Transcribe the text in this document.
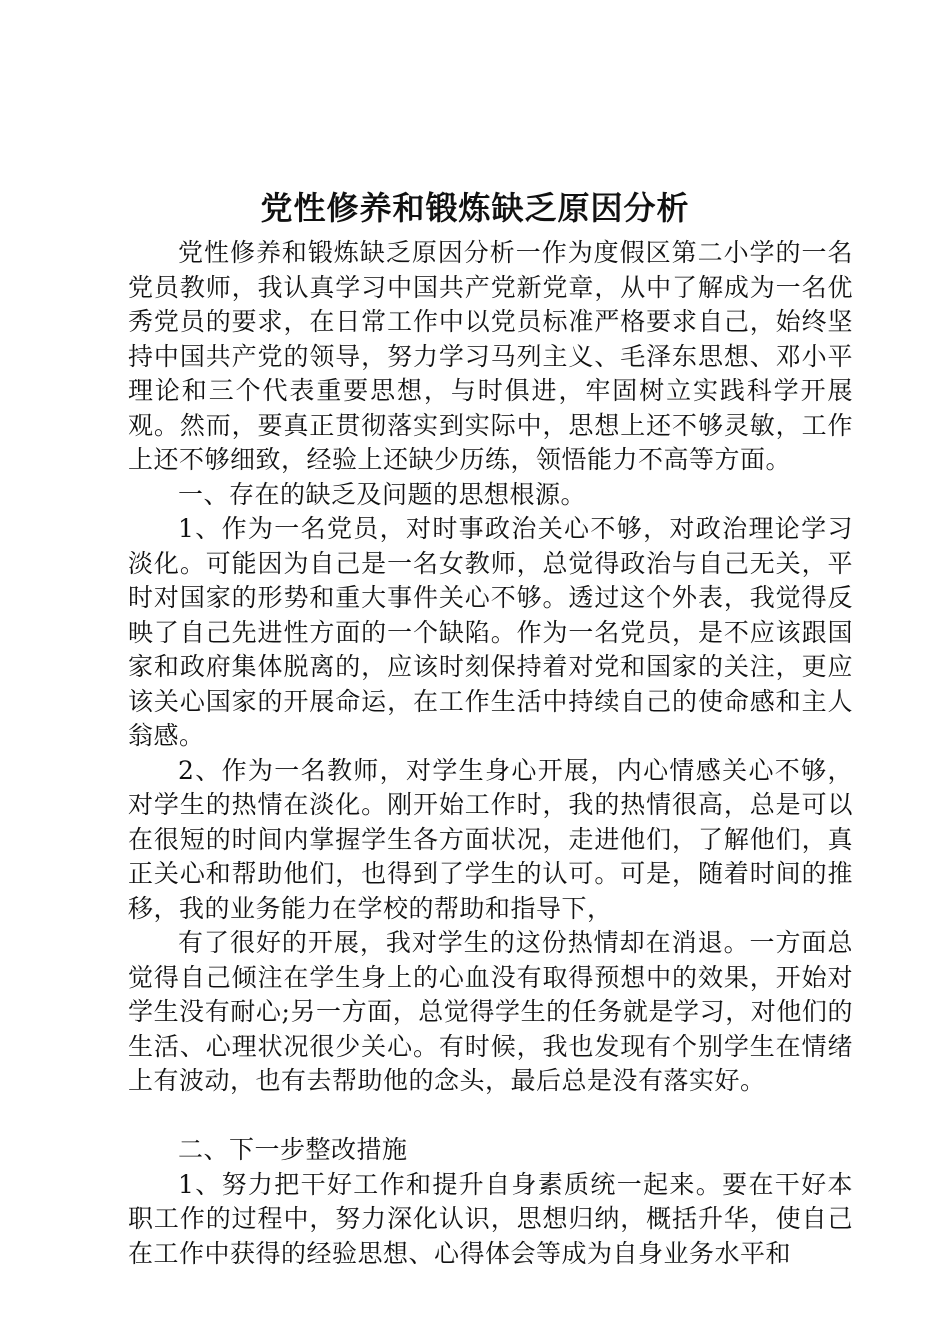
党性修养和锻炼缺乏原因分析

党性修养和锻炼缺乏原因分析一作为度假区第二小学的一名党员教师，我认真学习中国共产党新党章，从中了解成为一名优秀党员的要求，在日常工作中以党员标准严格要求自己，始终坚持中国共产党的领导，努力学习马列主义、毛泽东思想、邓小平理论和三个代表重要思想，与时俱进，牢固树立实践科学开展观。然而，要真正贯彻落实到实际中，思想上还不够灵敏，工作上还不够细致，经验上还缺少历练，领悟能力不高等方面。

一、存在的缺乏及问题的思想根源。

1、作为一名党员，对时事政治关心不够，对政治理论学习淡化。可能因为自己是一名女教师，总觉得政治与自己无关，平时对国家的形势和重大事件关心不够。透过这个外表，我觉得反映了自己先进性方面的一个缺陷。作为一名党员，是不应该跟国家和政府集体脱离的，应该时刻保持着对党和国家的关注，更应该关心国家的开展命运，在工作生活中持续自己的使命感和主人翁感。

2、作为一名教师，对学生身心开展，内心情感关心不够，对学生的热情在淡化。刚开始工作时，我的热情很高，总是可以在很短的时间内掌握学生各方面状况，走进他们，了解他们，真正关心和帮助他们，也得到了学生的认可。可是，随着时间的推移，我的业务能力在学校的帮助和指导下，

有了很好的开展，我对学生的这份热情却在消退。一方面总觉得自己倾注在学生身上的心血没有取得预想中的效果，开始对学生没有耐心;另一方面，总觉得学生的任务就是学习，对他们的生活、心理状况很少关心。有时候，我也发现有个别学生在情绪上有波动，也有去帮助他的念头，最后总是没有落实好。

二、下一步整改措施

1、努力把干好工作和提升自身素质统一起来。要在干好本职工作的过程中，努力深化认识，思想归纳，概括升华，使自己在工作中获得的经验思想、心得体会等成为自身业务水平和
